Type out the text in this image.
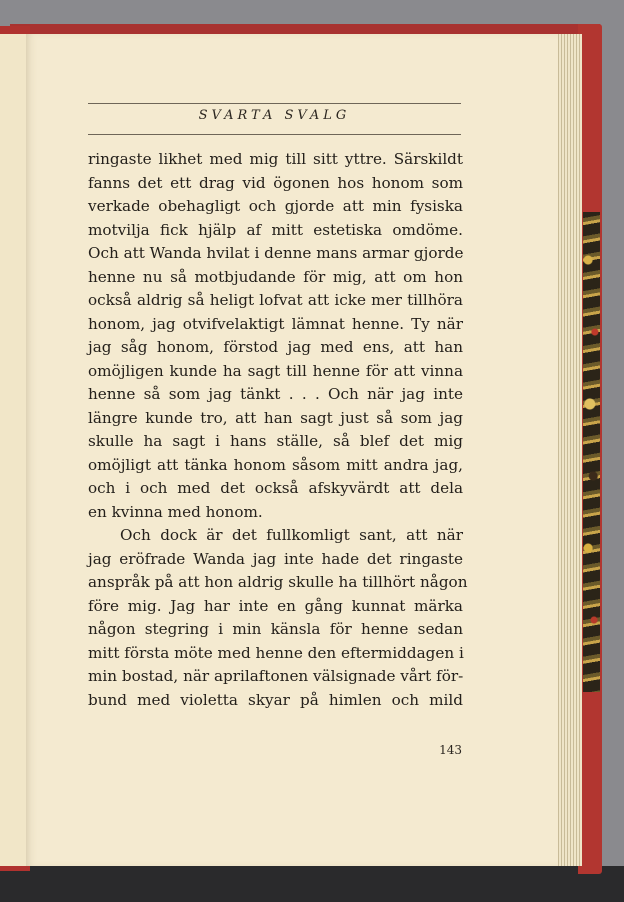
SVARTA SVALG
ringaste likhet med mig till sitt yttre. Särskildt
fanns det ett drag vid ögonen hos honom som
verkade obehagligt och gjorde att min fysiska
motvilja fick hjälp af mitt estetiska omdöme.
Och att Wanda hvilat i denne mans armar gjorde
henne nu så motbjudande för mig, att om hon
också aldrig så heligt lofvat att icke mer tillhöra
honom, jag otvifvelaktigt lämnat henne. Ty när
jag såg honom, förstod jag med ens, att han
omöjligen kunde ha sagt till henne för att vinna
henne så som jag tänkt . . . Och när jag inte
längre kunde tro, att han sagt just så som jag
skulle ha sagt i hans ställe, så blef det mig
omöjligt att tänka honom såsom mitt andra jag,
och i och med det också afskyvärdt att dela
en kvinna med honom.
Och dock är det fullkomligt sant, att när
jag eröfrade Wanda jag inte hade det ringaste
anspråk på att hon aldrig skulle ha tillhört någon
före mig. Jag har inte en gång kunnat märka
någon stegring i min känsla för henne sedan
mitt första möte med henne den eftermiddagen i
min bostad, när aprilaftonen välsignade vårt för-
bund med violetta skyar på himlen och mild
143
